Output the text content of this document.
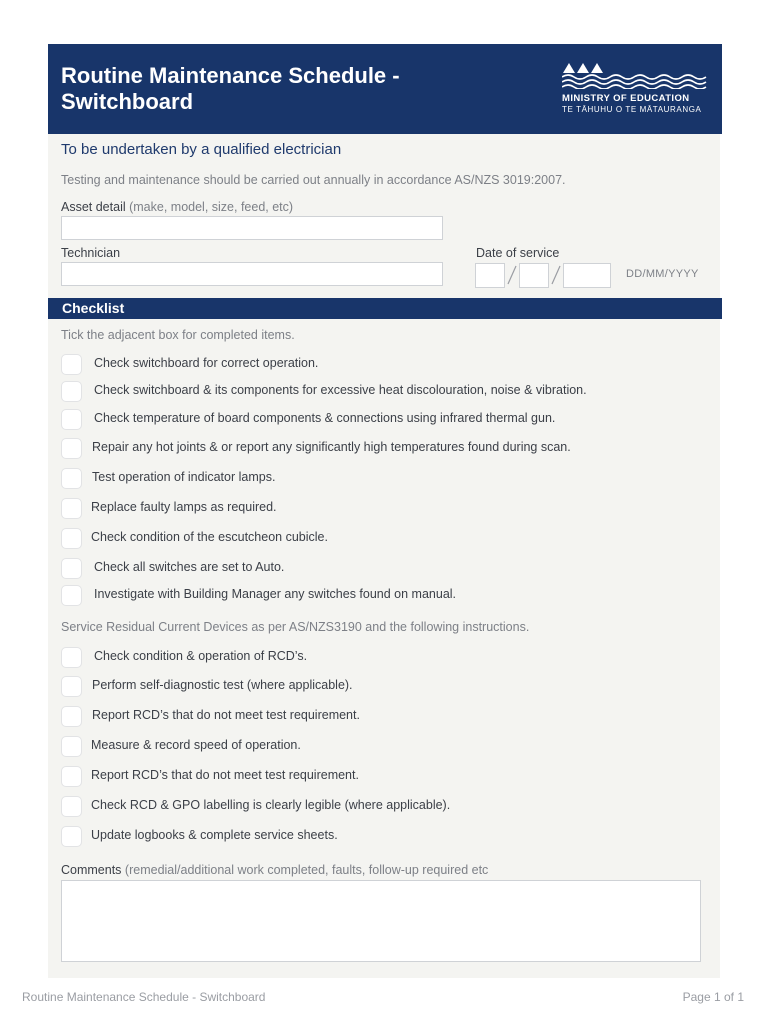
Routine Maintenance Schedule - Switchboard	MINISTRY OF EDUCATION
TE TĀHUHU O TE MĀTAURANGA
To be undertaken by a qualified electrician
Testing and maintenance should be carried out annually in accordance AS/NZS 3019:2007.
Asset detail (make, model, size, feed, etc)
Technician	Date of service
DD/MM/YYYY
Checklist
Tick the adjacent box for completed items.
Check switchboard for correct operation.
Check switchboard & its components for excessive heat discolouration, noise & vibration.
Check temperature of board components & connections using infrared thermal gun.
Repair any hot joints & or report any significantly high temperatures found during scan.
Test operation of indicator lamps.
Replace faulty lamps as required.
Check condition of the escutcheon cubicle.
Check all switches are set to Auto.
Investigate with Building Manager any switches found on manual.
Service Residual Current Devices as per AS/NZS3190 and the following instructions.
Check condition & operation of RCD’s.
Perform self-diagnostic test (where applicable).
Report RCD’s that do not meet test requirement.
Measure & record speed of operation.
Report RCD’s that do not meet test requirement.
Check RCD & GPO labelling is clearly legible (where applicable).
Update logbooks & complete service sheets.
Comments (remedial/additional work completed, faults, follow-up required etc
Routine Maintenance Schedule - Switchboard	Page 1 of 1
